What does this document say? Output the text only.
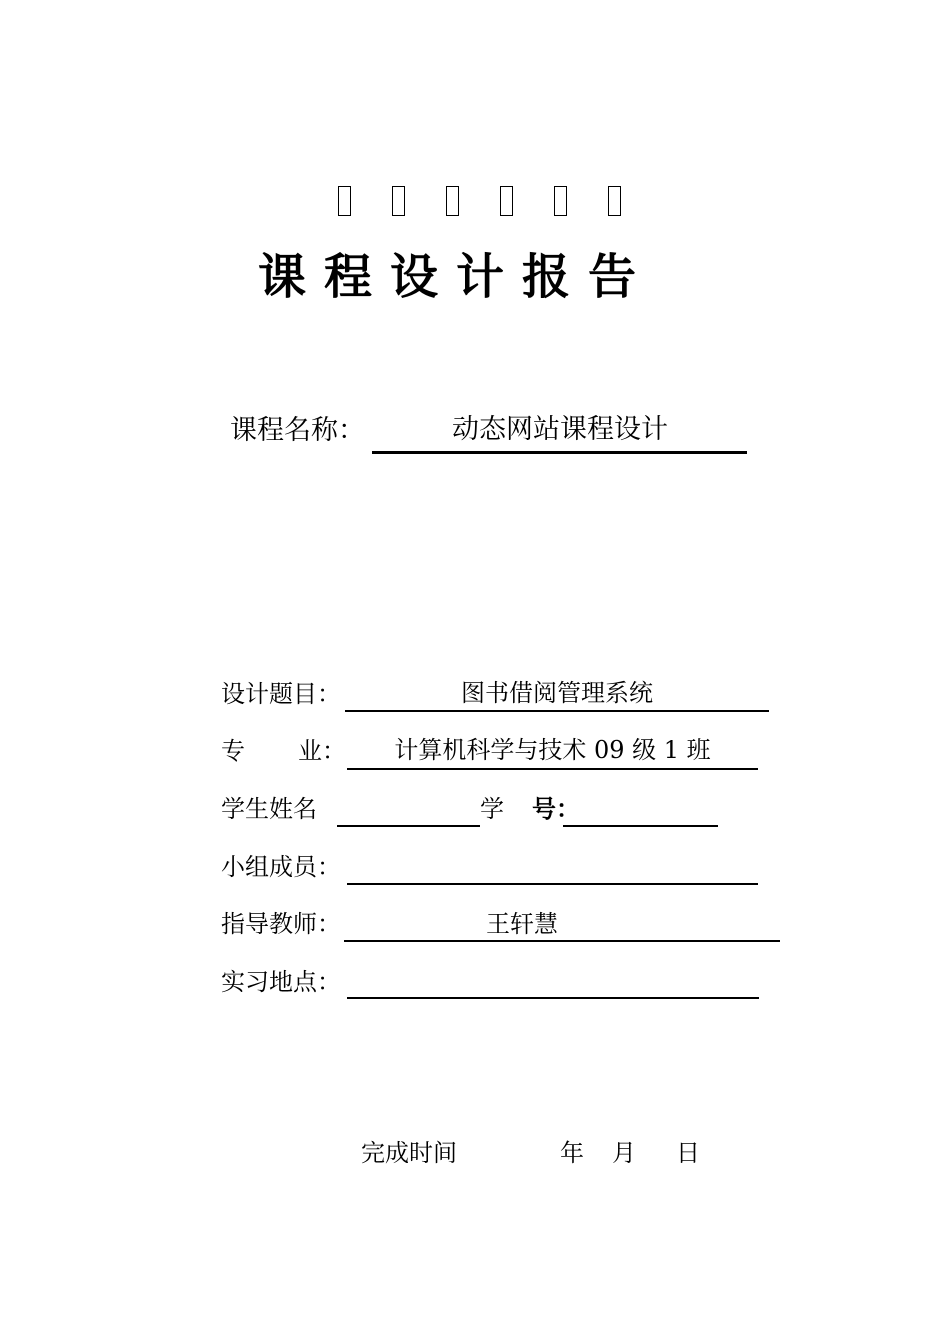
课程设计报告
课程名称：	动态网站课程设计
设计题目：	图书借阅管理系统
专 业：	计算机科学与技术 09 级 1 班
学生姓名	学 号：
小组成员：
指导教师：	王轩慧
实习地点：
完成时间	年 月 日
